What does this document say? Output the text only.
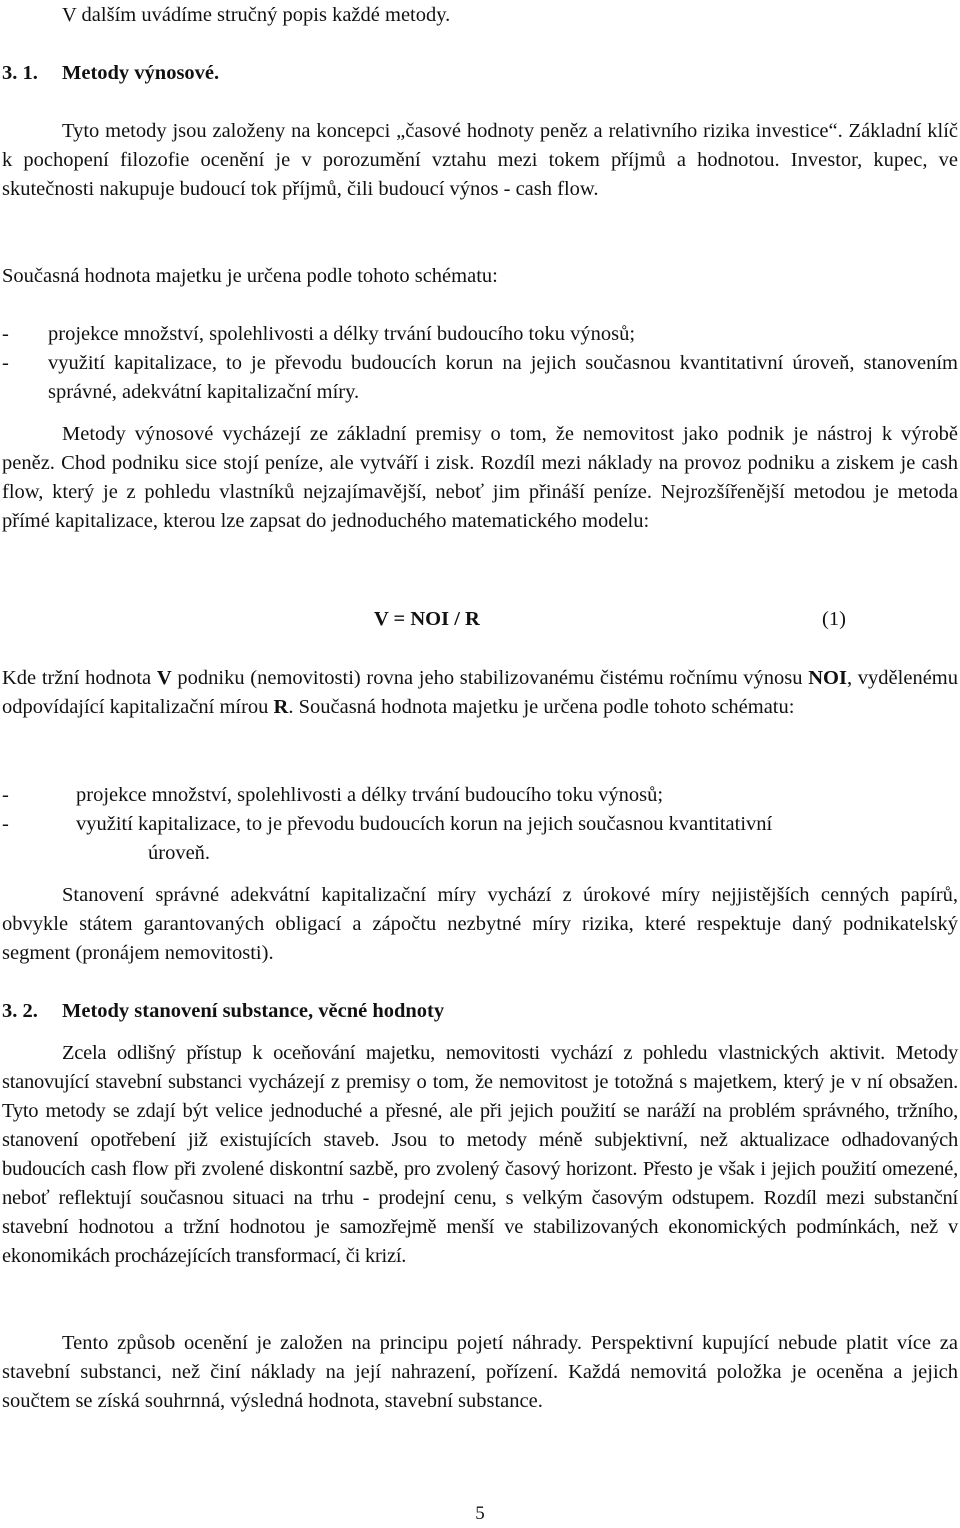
V dalším uvádíme stručný popis každé metody.

3. 1. Metody výnosové.

Tyto metody jsou založeny na koncepci „časové hodnoty peněz a relativního rizika investice“. Základní klíč k pochopení filozofie ocenění je v porozumění vztahu mezi tokem příjmů a hodnotou. Investor, kupec, ve skutečnosti nakupuje budoucí tok příjmů, čili budoucí výnos - cash flow.

Současná hodnota majetku je určena podle tohoto schématu:

- projekce množství, spolehlivosti a délky trvání budoucího toku výnosů;
- využití kapitalizace, to je převodu budoucích korun na jejich současnou kvantitativní úroveň, stanovením správné, adekvátní kapitalizační míry.

Metody výnosové vycházejí ze základní premisy o tom, že nemovitost jako podnik je nástroj k výrobě peněz. Chod podniku sice stojí peníze, ale vytváří i zisk. Rozdíl mezi náklady na provoz podniku a ziskem je cash flow, který je z pohledu vlastníků nejzajímavější, neboť jim přináší peníze. Nejrozšířenější metodou je metoda přímé kapitalizace, kterou lze zapsat do jednoduchého matematického modelu:

V = NOI / R	(1)

Kde tržní hodnota V podniku (nemovitosti) rovna jeho stabilizovanému čistému ročnímu výnosu NOI, vydělenému odpovídající kapitalizační mírou R. Současná hodnota majetku je určena podle tohoto schématu:

-	projekce množství, spolehlivosti a délky trvání budoucího toku výnosů;
-	využití kapitalizace, to je převodu budoucích korun na jejich současnou kvantitativní
úroveň.

Stanovení správné adekvátní kapitalizační míry vychází z úrokové míry nejjistějších cenných papírů, obvykle státem garantovaných obligací a zápočtu nezbytné míry rizika, které respektuje daný podnikatelský segment (pronájem nemovitosti).

3. 2. Metody stanovení substance, věcné hodnoty

Zcela odlišný přístup k oceňování majetku, nemovitosti vychází z pohledu vlastnických aktivit. Metody stanovující stavební substanci vycházejí z premisy o tom, že nemovitost je totožná s majetkem, který je v ní obsažen. Tyto metody se zdají být velice jednoduché a přesné, ale při jejich použití se naráží na problém správného, tržního, stanovení opotřebení již existujících staveb. Jsou to metody méně subjektivní, než aktualizace odhadovaných budoucích cash flow při zvolené diskontní sazbě, pro zvolený časový horizont. Přesto je však i jejich použití omezené, neboť reflektují současnou situaci na trhu - prodejní cenu, s velkým časovým odstupem. Rozdíl mezi substanční stavební hodnotou a tržní hodnotou je samozřejmě menší ve stabilizovaných ekonomických podmínkách, než v ekonomikách procházejících transformací, či krizí.

Tento způsob ocenění je založen na principu pojetí náhrady. Perspektivní kupující nebude platit více za stavební substanci, než činí náklady na její nahrazení, pořízení. Každá nemovitá položka je oceněna a jejich součtem se získá souhrnná, výsledná hodnota, stavební substance.

5
